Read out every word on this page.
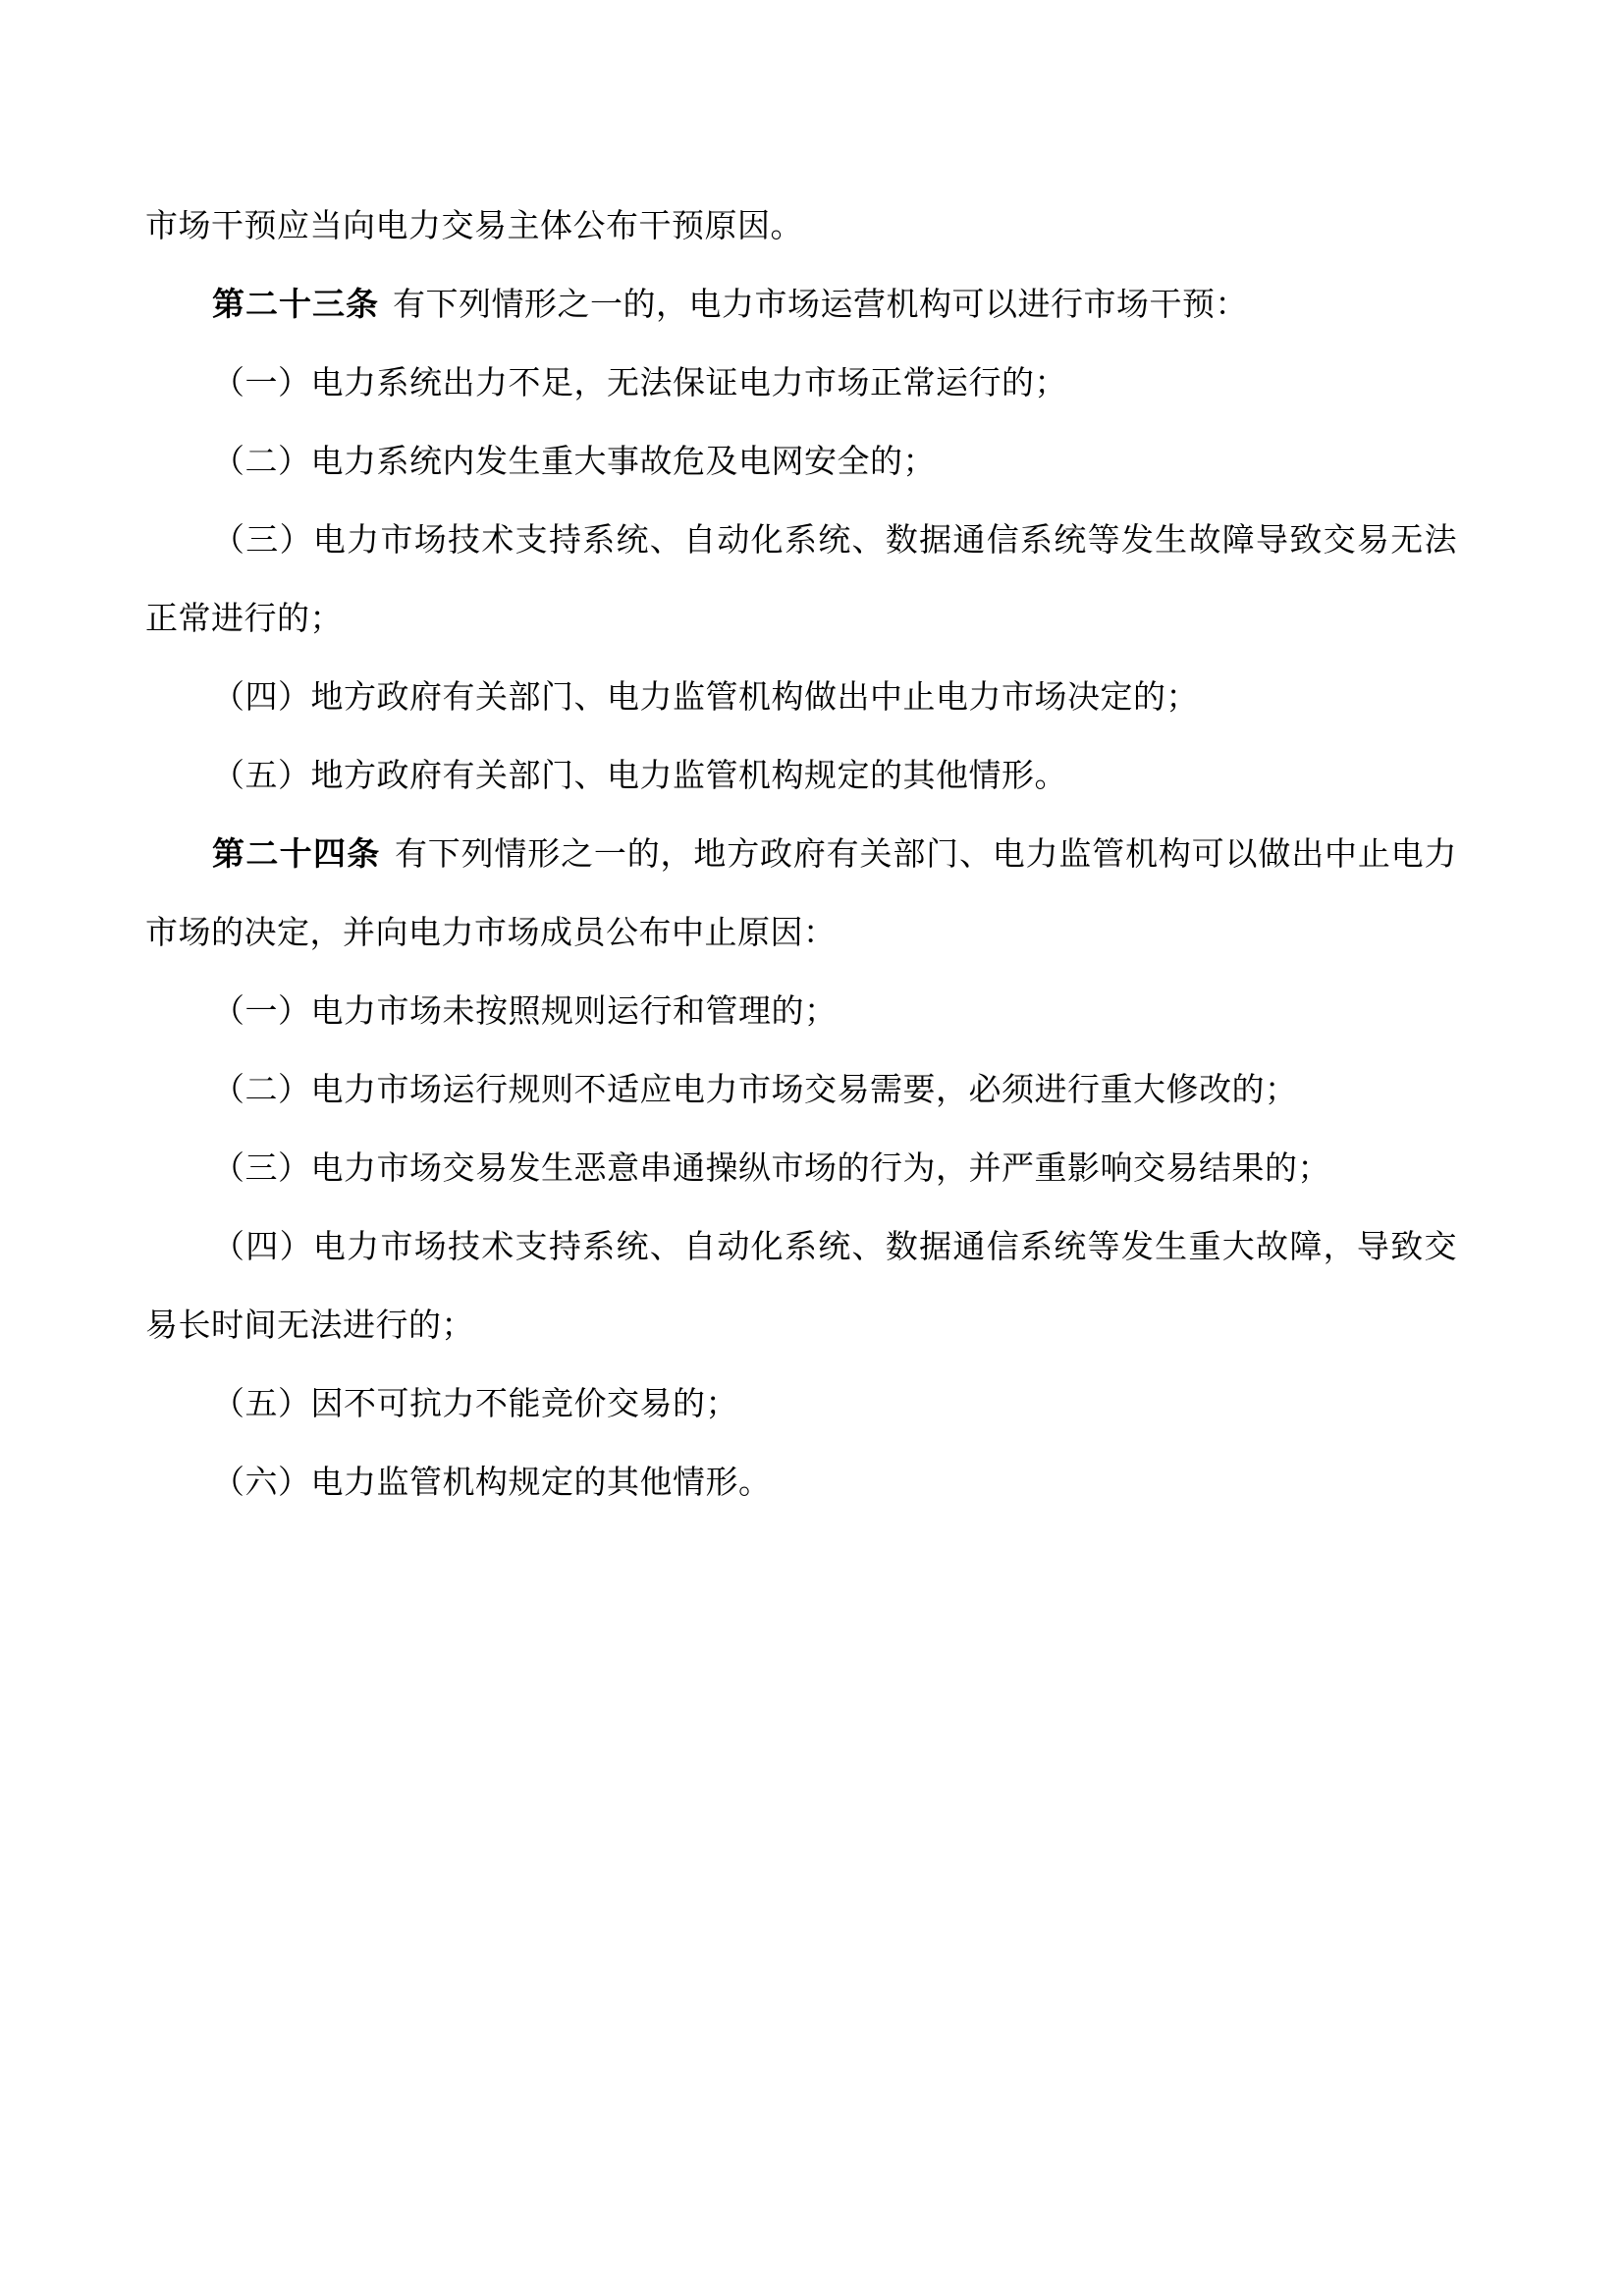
市场干预应当向电力交易主体公布干预原因。

第二十三条 有下列情形之一的，电力市场运营机构可以进行市场干预：

（一）电力系统出力不足，无法保证电力市场正常运行的；

（二）电力系统内发生重大事故危及电网安全的；

（三）电力市场技术支持系统、自动化系统、数据通信系统等发生故障导致交易无法正常进行的；

（四）地方政府有关部门、电力监管机构做出中止电力市场决定的；

（五）地方政府有关部门、电力监管机构规定的其他情形。

第二十四条 有下列情形之一的，地方政府有关部门、电力监管机构可以做出中止电力市场的决定，并向电力市场成员公布中止原因：

（一）电力市场未按照规则运行和管理的；

（二）电力市场运行规则不适应电力市场交易需要，必须进行重大修改的；

（三）电力市场交易发生恶意串通操纵市场的行为，并严重影响交易结果的；

（四）电力市场技术支持系统、自动化系统、数据通信系统等发生重大故障，导致交易长时间无法进行的；

（五）因不可抗力不能竞价交易的；

（六）电力监管机构规定的其他情形。
